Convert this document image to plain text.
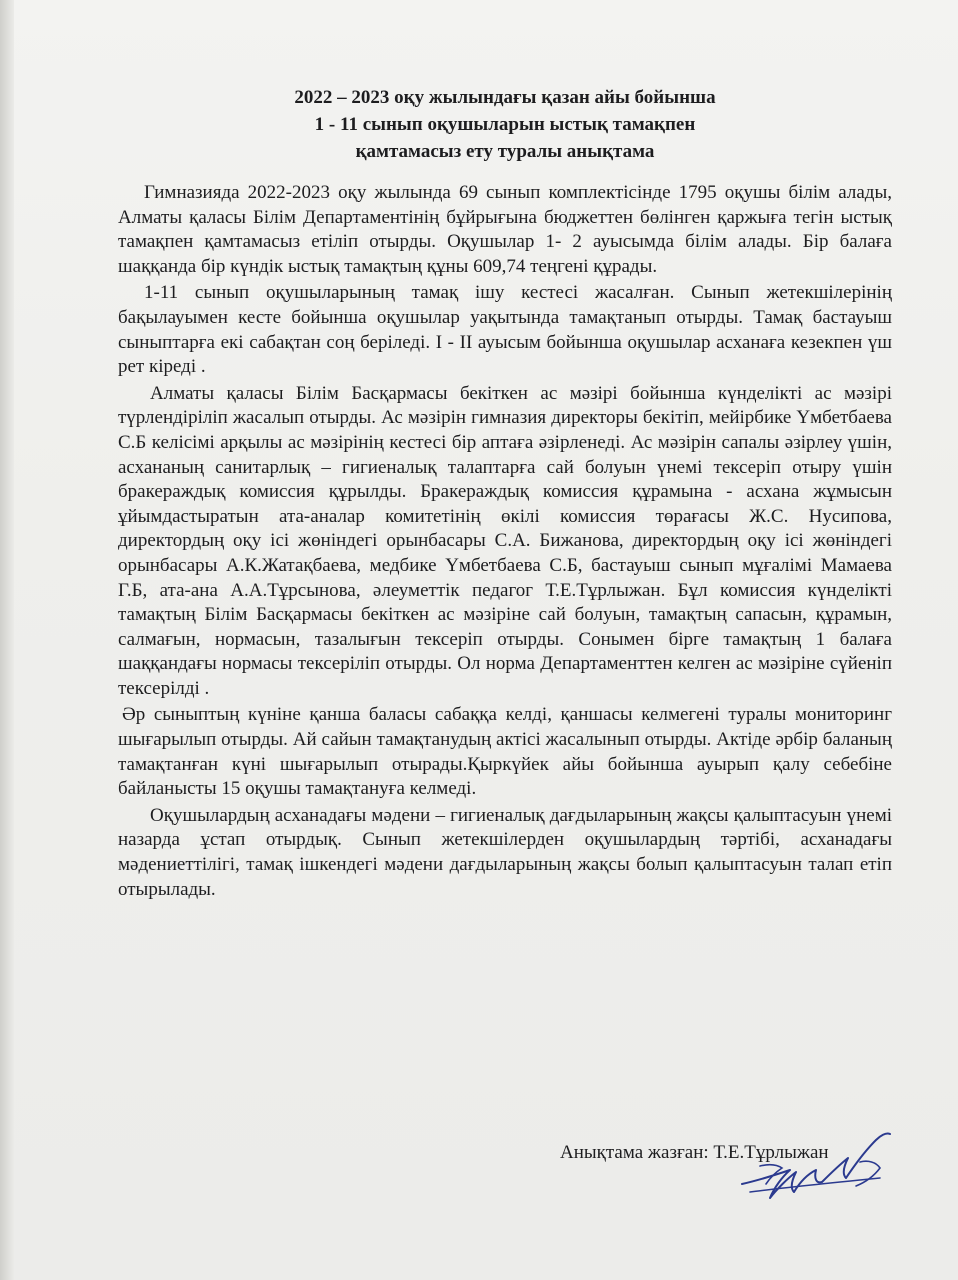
2022 – 2023 оқу жылындағы қазан айы бойынша
1 - 11 сынып оқушыларын ыстық тамақпен
қамтамасыз ету туралы анықтама

Гимназияда 2022-2023 оқу жылында 69 сынып комплектісінде 1795 оқушы білім алады, Алматы қаласы Білім Департаментінің бұйрығына бюджеттен бөлінген қаржыға тегін ыстық тамақпен қамтамасыз етіліп отырды. Оқушылар 1- 2 ауысымда білім алады. Бір балаға шаққанда бір күндік ыстық тамақтың құны 609,74 теңгені құрады.

1-11 сынып оқушыларының тамақ ішу кестесі жасалған. Сынып жетекшілерінің бақылауымен кесте бойынша оқушылар уақытында тамақтанып отырды. Тамақ бастауыш сыныптарға екі сабақтан соң беріледі. I - II ауысым бойынша оқушылар асханаға кезекпен үш рет кіреді .

Алматы қаласы Білім Басқармасы бекіткен ас мәзірі бойынша күнделікті ас мәзірі түрлендіріліп жасалып отырды. Ас мәзірін гимназия директоры бекітіп, мейірбике Үмбетбаева С.Б келісімі арқылы ас мәзірінің кестесі бір аптаға әзірленеді. Ас мәзірін сапалы әзірлеу үшін, асхананың санитарлық – гигиеналық талаптарға сай болуын үнемі тексеріп отыру үшін бракераждық комиссия құрылды. Бракераждық комиссия құрамына - асхана жұмысын ұйымдастыратын ата-аналар комитетінің өкілі комиссия төрағасы Ж.С. Нусипова, директордың оқу ісі жөніндегі орынбасары С.А. Бижанова, директордың оқу ісі жөніндегі орынбасары А.К.Жатақбаева, медбике Үмбетбаева С.Б, бастауыш сынып мұғалімі Мамаева Г.Б, ата-ана А.А.Тұрсынова, әлеуметтік педагог Т.Е.Тұрлыжан. Бұл комиссия күнделікті тамақтың Білім Басқармасы бекіткен ас мәзіріне сай болуын, тамақтың сапасын, құрамын, салмағын, нормасын, тазалығын тексеріп отырды. Сонымен бірге тамақтың 1 балаға шаққандағы нормасы тексеріліп отырды. Ол норма Департаменттен келген ас мәзіріне сүйеніп тексерілді .

Әр сыныптың күніне қанша баласы сабаққа келді, қаншасы келмегені туралы мониторинг шығарылып отырды. Ай сайын тамақтанудың актісі жасалынып отырды. Актіде әрбір баланың тамақтанған күні шығарылып отырады.Қыркүйек айы бойынша ауырып қалу себебіне байланысты 15 оқушы тамақтануға келмеді.

Оқушылардың асханадағы мәдени – гигиеналық дағдыларының жақсы қалыптасуын үнемі назарда ұстап отырдық. Сынып жетекшілерден оқушылардың тәртібі, асханадағы мәдениеттілігі, тамақ ішкендегі мәдени дағдыларының жақсы болып қалыптасуын талап етіп отырылады.

Анықтама жазған: Т.Е.Тұрлыжан
